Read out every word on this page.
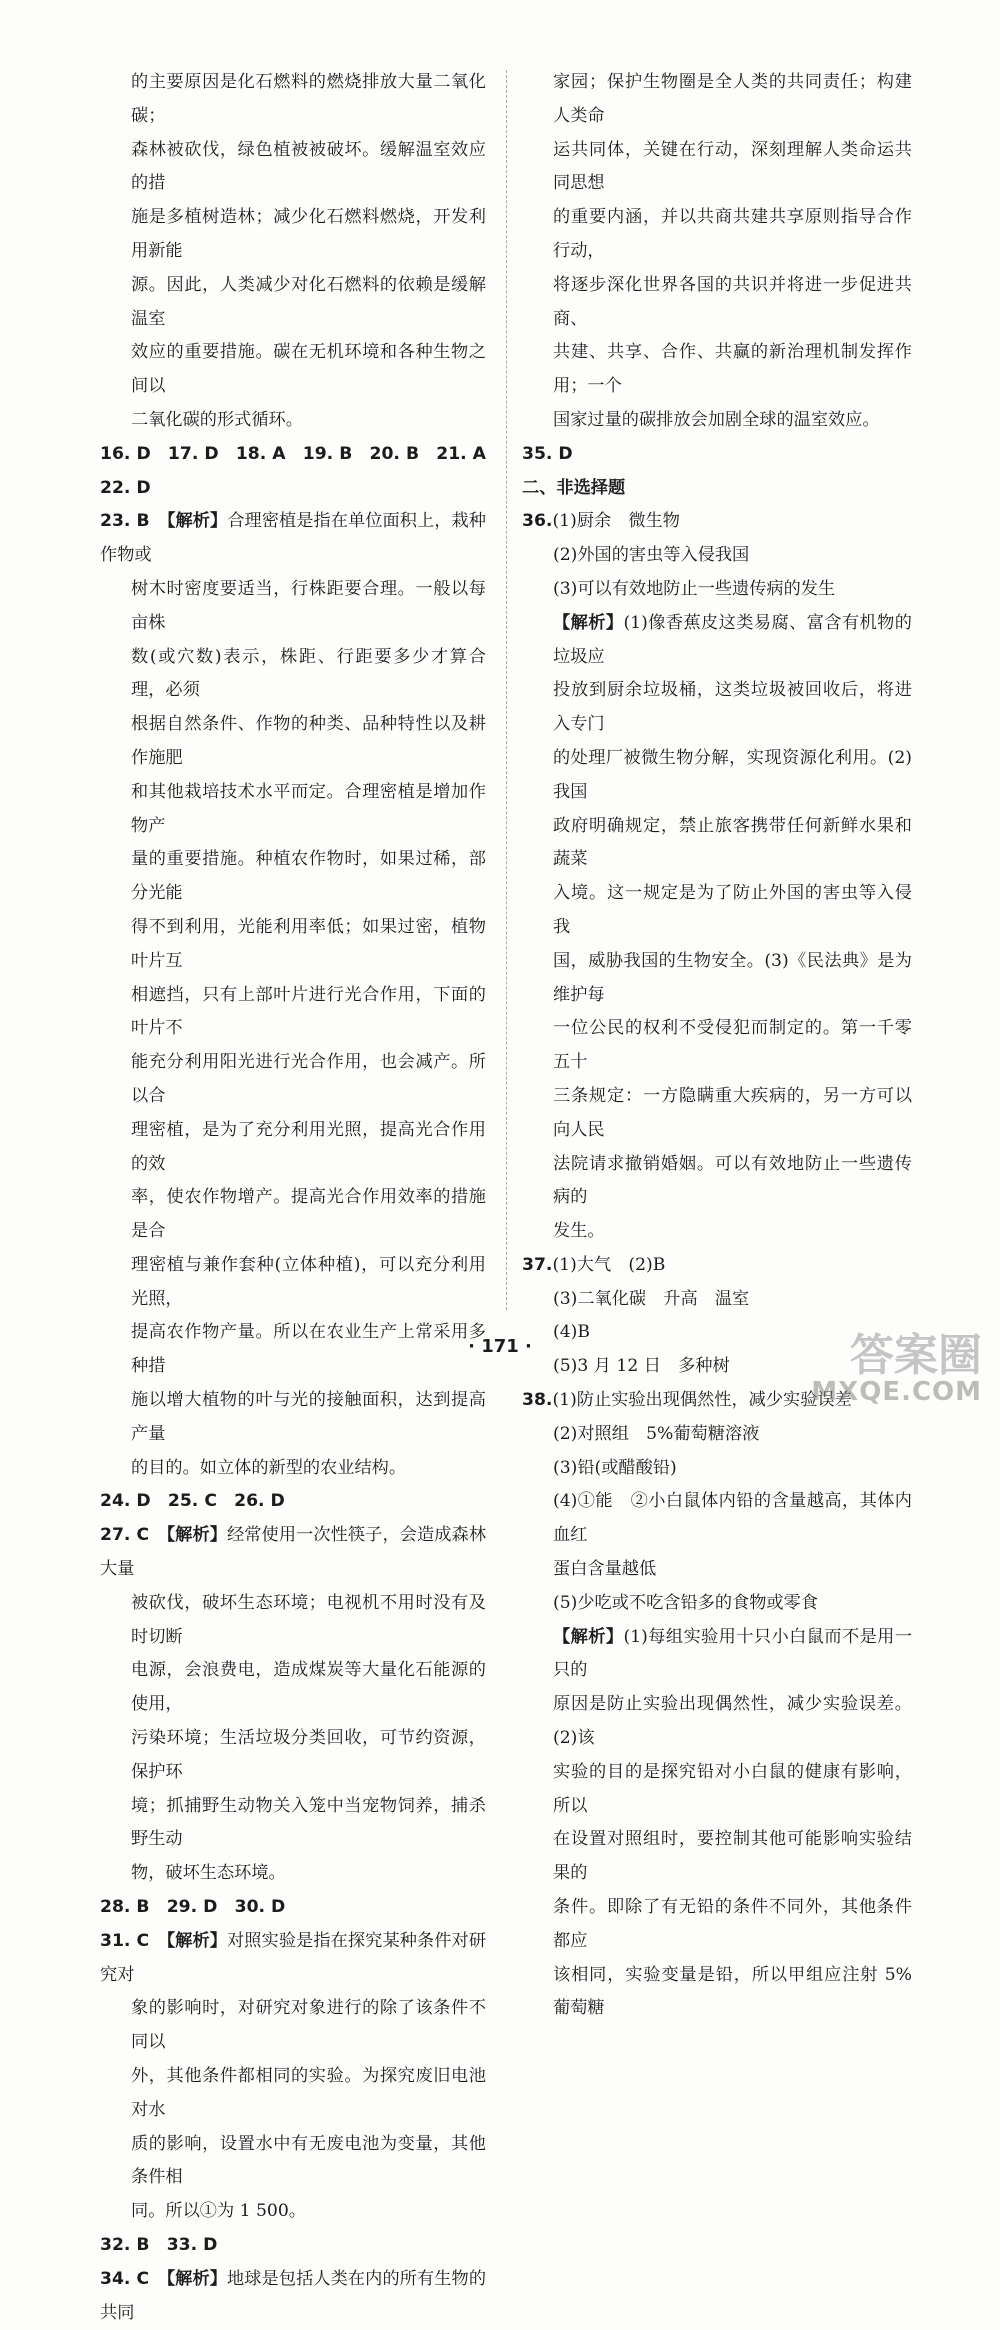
的主要原因是化石燃料的燃烧排放大量二氧化碳；

森林被砍伐，绿色植被被破坏。缓解温室效应的措

施是多植树造林；减少化石燃料燃烧，开发利用新能

源。因此，人类减少对化石燃料的依赖是缓解温室

效应的重要措施。碳在无机环境和各种生物之间以

二氧化碳的形式循环。

16. D　17. D　18. A　19. B　20. B　21. A　22. D

23. B　【解析】合理密植是指在单位面积上，栽种作物或

树木时密度要适当，行株距要合理。一般以每亩株

数(或穴数)表示，株距、行距要多少才算合理，必须

根据自然条件、作物的种类、品种特性以及耕作施肥

和其他栽培技术水平而定。合理密植是增加作物产

量的重要措施。种植农作物时，如果过稀，部分光能

得不到利用，光能利用率低；如果过密，植物叶片互

相遮挡，只有上部叶片进行光合作用，下面的叶片不

能充分利用阳光进行光合作用，也会减产。所以合

理密植，是为了充分利用光照，提高光合作用的效

率，使农作物增产。提高光合作用效率的措施是合

理密植与兼作套种(立体种植)，可以充分利用光照，

提高农作物产量。所以在农业生产上常采用多种措

施以增大植物的叶与光的接触面积，达到提高产量

的目的。如立体的新型的农业结构。

24. D　25. C　26. D

27. C　【解析】经常使用一次性筷子，会造成森林大量

被砍伐，破坏生态环境；电视机不用时没有及时切断

电源，会浪费电，造成煤炭等大量化石能源的使用，

污染环境；生活垃圾分类回收，可节约资源，保护环

境；抓捕野生动物关入笼中当宠物饲养，捕杀野生动

物，破坏生态环境。

28. B　29. D　30. D

31. C　【解析】对照实验是指在探究某种条件对研究对

象的影响时，对研究对象进行的除了该条件不同以

外，其他条件都相同的实验。为探究废旧电池对水

质的影响，设置水中有无废电池为变量，其他条件相

同。所以①为 1 500。

32. B　33. D

34. C　【解析】地球是包括人类在内的所有生物的共同

家园；保护生物圈是全人类的共同责任；构建人类命

运共同体，关键在行动，深刻理解人类命运共同思想

的重要内涵，并以共商共建共享原则指导合作行动，

将逐步深化世界各国的共识并将进一步促进共商、

共建、共享、合作、共赢的新治理机制发挥作用；一个

国家过量的碳排放会加剧全球的温室效应。

35. D

二、非选择题

36.(1)厨余　微生物

(2)外国的害虫等入侵我国

(3)可以有效地防止一些遗传病的发生

【解析】(1)像香蕉皮这类易腐、富含有机物的垃圾应

投放到厨余垃圾桶，这类垃圾被回收后，将进入专门

的处理厂被微生物分解，实现资源化利用。(2)我国

政府明确规定，禁止旅客携带任何新鲜水果和蔬菜

入境。这一规定是为了防止外国的害虫等入侵我

国，威胁我国的生物安全。(3)《民法典》是为维护每

一位公民的权利不受侵犯而制定的。第一千零五十

三条规定：一方隐瞒重大疾病的，另一方可以向人民

法院请求撤销婚姻。可以有效地防止一些遗传病的

发生。

37.(1)大气　(2)B

(3)二氧化碳　升高　温室

(4)B

(5)3 月 12 日　多种树

38.(1)防止实验出现偶然性，减少实验误差

(2)对照组　5%葡萄糖溶液

(3)铅(或醋酸铅)

(4)①能　②小白鼠体内铅的含量越高，其体内血红

蛋白含量越低

(5)少吃或不吃含铅多的食物或零食

【解析】(1)每组实验用十只小白鼠而不是用一只的

原因是防止实验出现偶然性，减少实验误差。(2)该

实验的目的是探究铅对小白鼠的健康有影响，所以

在设置对照组时，要控制其他可能影响实验结果的

条件。即除了有无铅的条件不同外，其他条件都应

该相同，实验变量是铅，所以甲组应注射 5%葡萄糖

· 171 ·	答案圈
MXQE.COM
